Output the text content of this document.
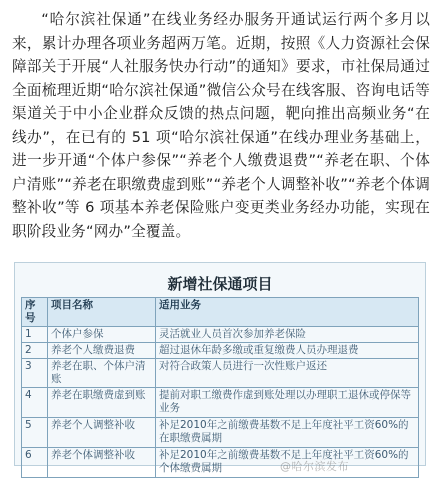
“哈尔滨社保通”在线业务经办服务开通试运行两个多月以来，累计办理各项业务超两万笔。近期，按照《人力资源社会保障部关于开展“人社服务快办行动”的通知》要求，市社保局通过全面梳理近期“哈尔滨社保通”微信公众号在线客服、咨询电话等渠道关于中小企业群众反馈的热点问题，靶向推出高频业务“在线办”，在已有的 51 项“哈尔滨社保通”在线办理业务基础上，进一步开通“个体户参保”“养老个人缴费退费”“养老在职、个体户清账”“养老在职缴费虚到账”“养老个人调整补收”“养老个体调整补收”等 6 项基本养老保险账户变更类业务经办功能，实现在职阶段业务“网办”全覆盖。
新增社保通项目
序号	项目名称	适用业务
1	个体户参保	灵活就业人员首次参加养老保险
2	养老个人缴费退费	超过退休年龄多缴或重复缴费人员办理退费
3	养老在职、个体户清账	对符合政策人员进行一次性账户返还
4	养老在职缴费虚到账	提前对职工缴费作虚到账处理以办理职工退休或停保等业务
5	养老个人调整补收	补足2010年之前缴费基数不足上年度社平工资60%的在职缴费属期
6	养老个体调整补收	补足2010年之前缴费基数不足上年度社平工资60%的个体缴费属期	@哈尔滨发布
